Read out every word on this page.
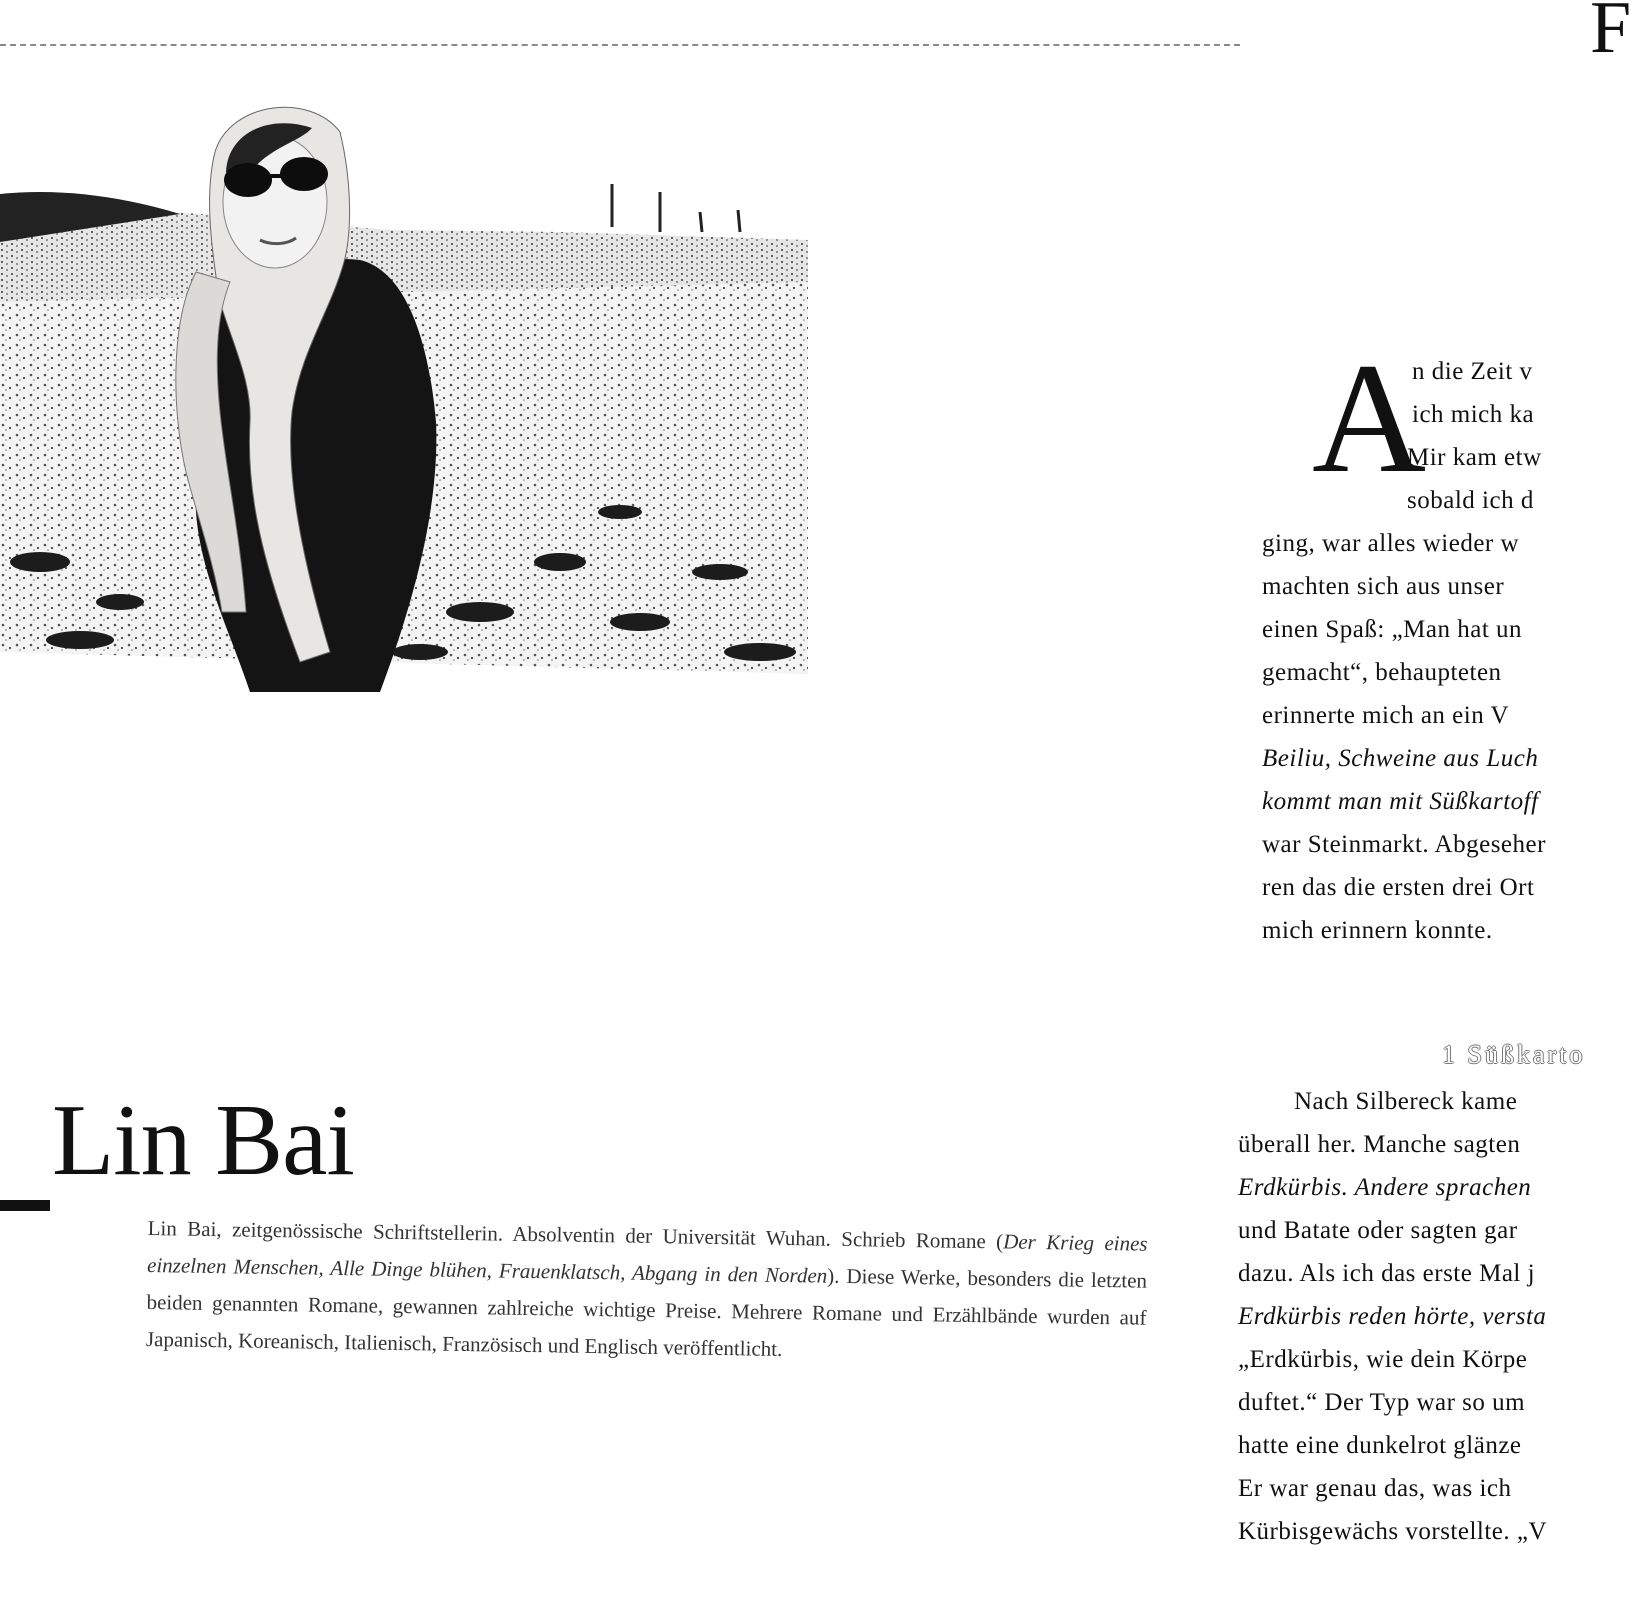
F
Lin Bai
Lin Bai, zeitgenössische Schriftstellerin. Absolventin der Universität Wuhan. Schrieb Romane (Der Krieg eines einzelnen Menschen, Alle Dinge blühen, Frauenklatsch, Abgang in den Norden). Diese Werke, besonders die letzten beiden genannten Romane, gewannen zahlreiche wichtige Preise. Mehrere Romane und Erzählbände wurden auf Japanisch, Koreanisch, Italienisch, Französisch und Englisch veröffentlicht.
A
n die Zeit v
ich mich ka
Mir kam etw
sobald ich d
ging, war alles wieder w
machten sich aus unser
einen Spaß: „Man hat un
gemacht“, behaupteten
erinnerte mich an ein V
Beiliu, Schweine aus Luch
kommt man mit Süßkartoff
war Steinmarkt. Abgeseher
ren das die ersten drei Ort
mich erinnern konnte.
1 Süßkarto
Nach Silbereck kame
überall her. Manche sagten
Erdkürbis. Andere sprachen
und Batate oder sagten gar
dazu. Als ich das erste Mal j
Erdkürbis reden hörte, versta
„Erdkürbis, wie dein Körpe
duftet.“ Der Typ war so um
hatte eine dunkelrot glänze
Er war genau das, was ich
Kürbisgewächs vorstellte. „V
